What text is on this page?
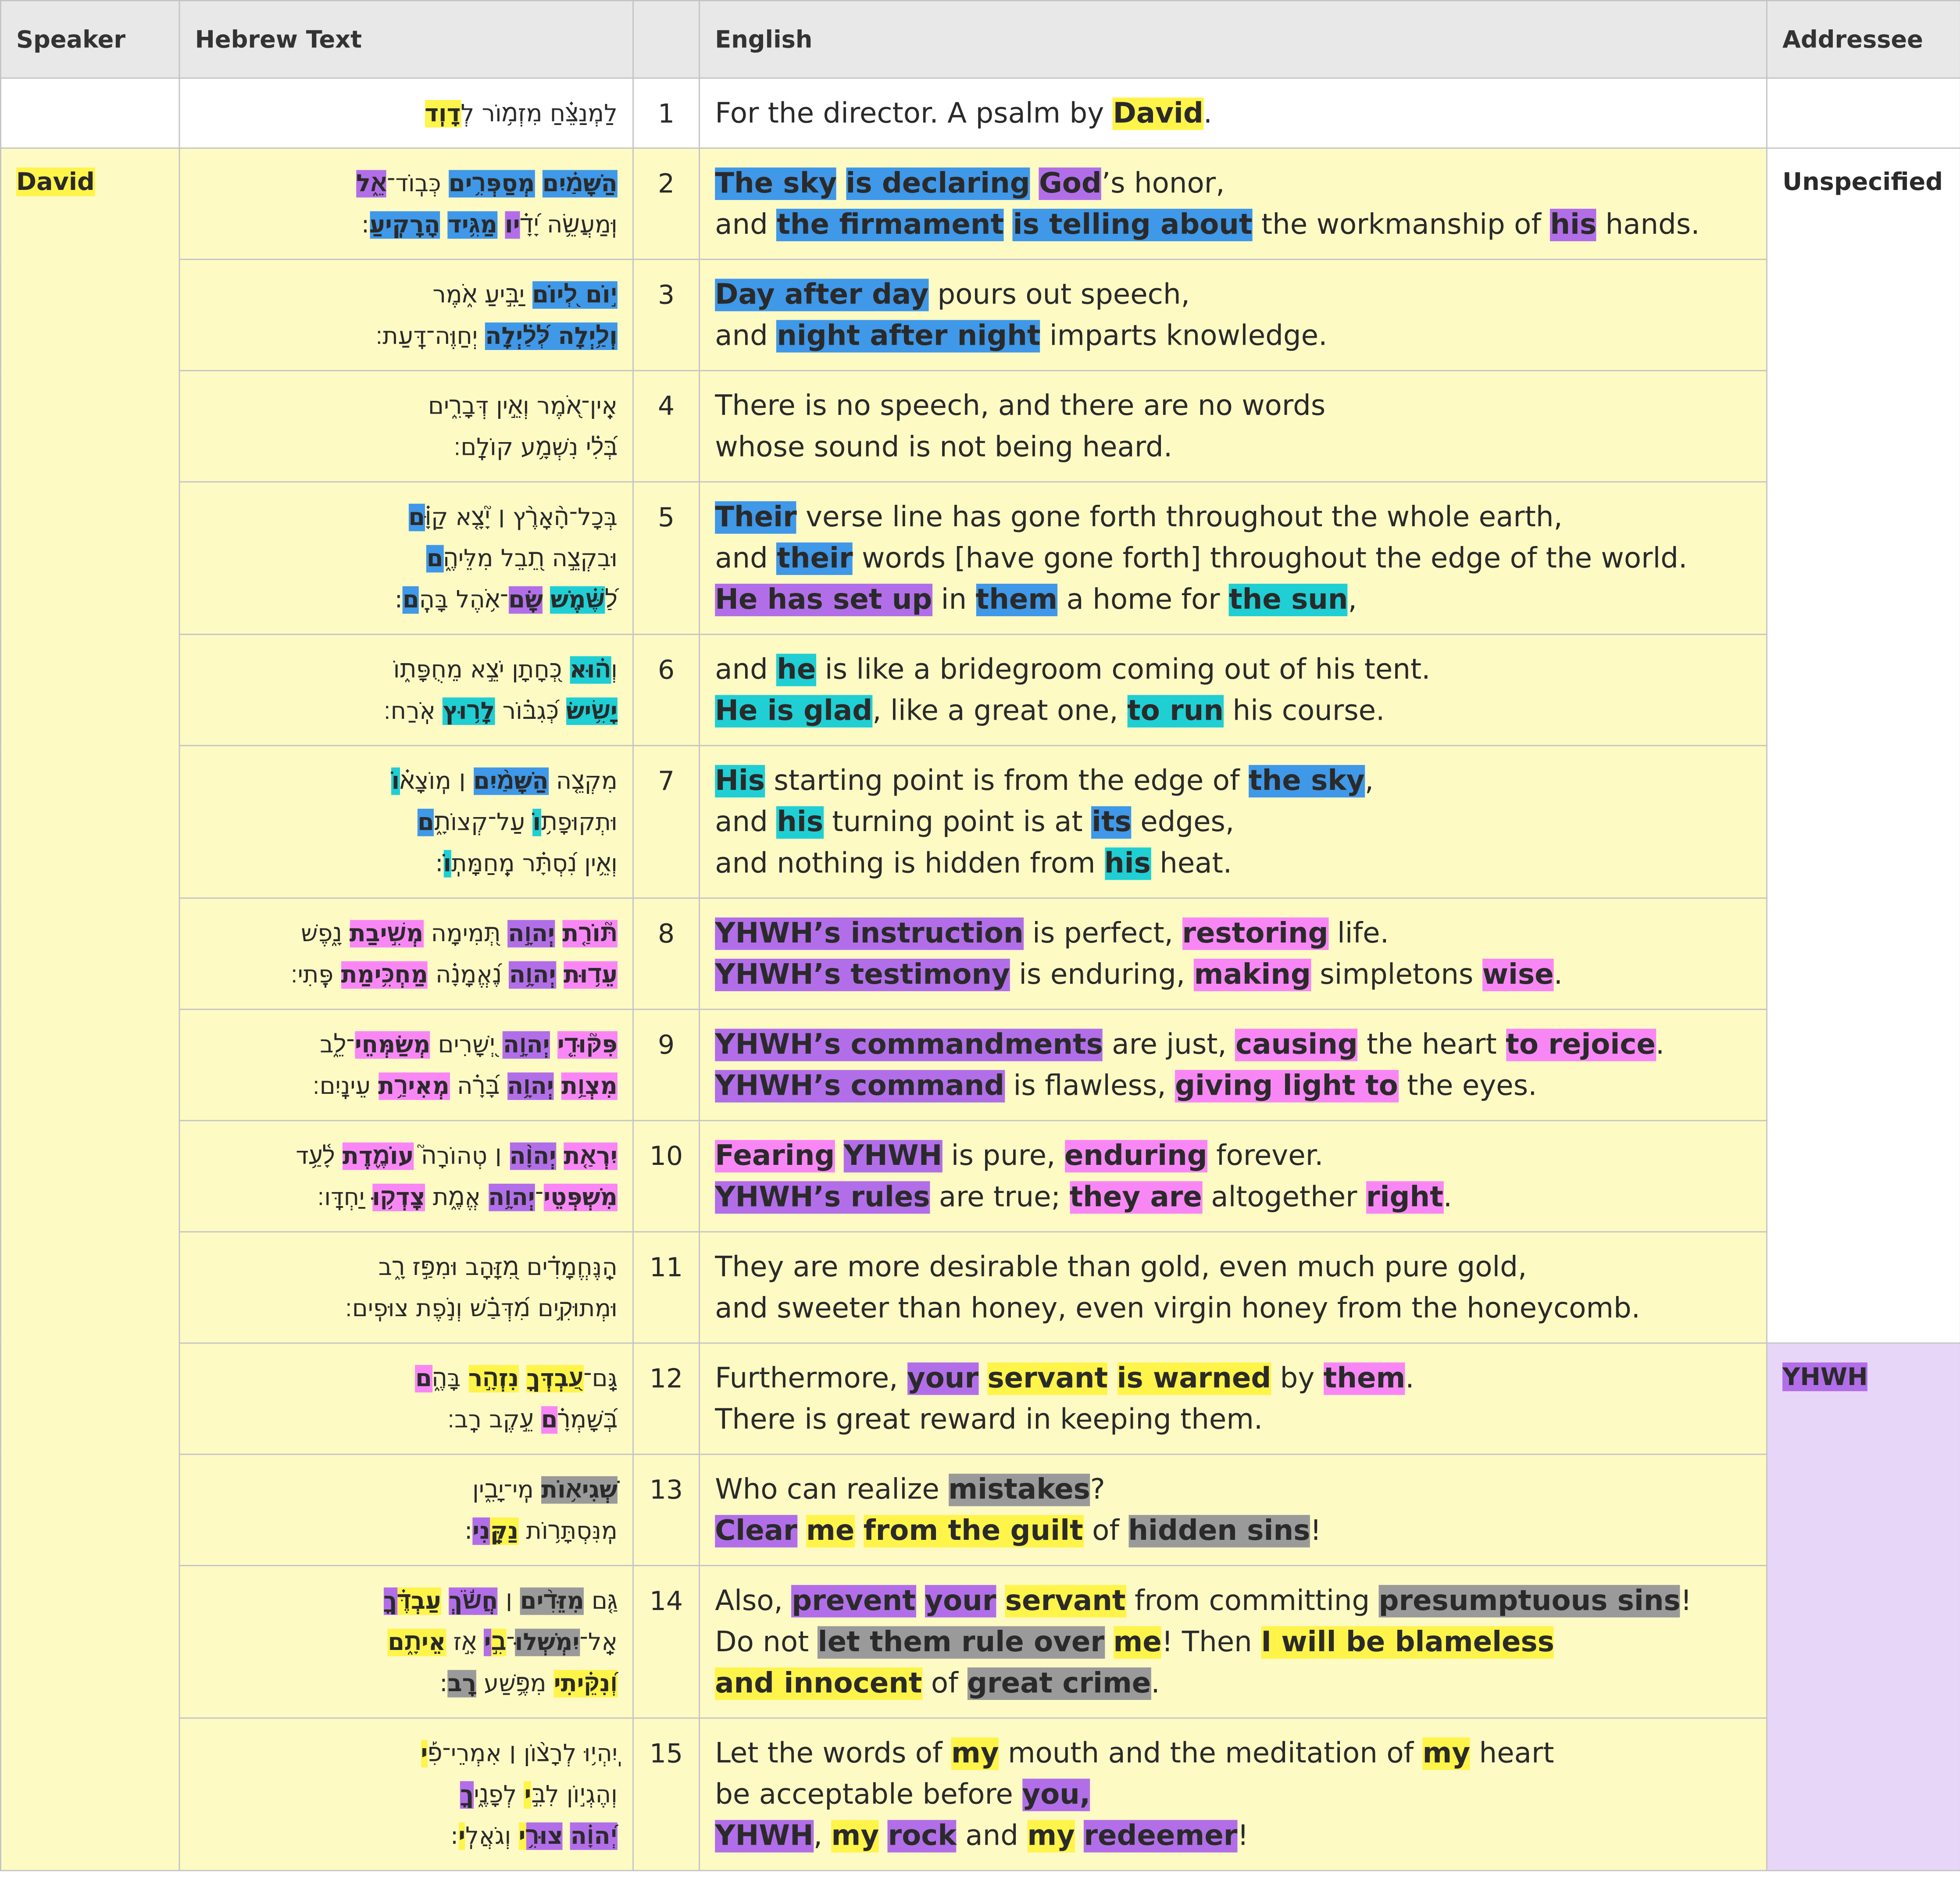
Speaker	Hebrew Text		English	Addressee

	לַמְנַצֵּ֗חַ מִזְמ֥וֹר לְדָוִֽד	1	For the director. A psalm by David.	

David	הַשָּׁמַ֗יִם מְסַפְּרִ֥ים כְּבֽוֹד־אֵ֑ל
וּֽמַעֲשֵׂ֥ה יָ֝דָ֗יו מַגִּ֥יד הָרָקִֽיעַ:	2	The sky is declaring God’s honor,
and the firmament is telling about the workmanship of his hands.	Unspecified

	י֣וֹם לְ֭יוֹם יַבִּ֣יעַ אֹ֑מֶר
וְלַ֥יְלָה לְּ֝לַ֗יְלָה יְחַוֶּה־דָּֽעַת׃	3	Day after day pours out speech,
and night after night imparts knowledge.	

	אֵֽין־אֹ֭מֶר וְאֵ֣ין דְּבָרִ֑ים
בְּ֝לִ֗י נִשְׁמָ֥ע קוֹלָֽם׃	4	There is no speech, and there are no words
whose sound is not being heard.	

	בְּכָל־הָ֨אָרֶ֨ץ ׀ יָ֘צָ֤א קַוָּ֗ם
וּבִקְצֵ֣ה תֵ֭בֵל מִלֵּיהֶ֑ם
לַ֝שֶּׁ֗מֶשׁ שָֽׂם־אֹ֥הֶל בָּהֶֽם:	5	Their verse line has gone forth throughout the whole earth,
and their words [have gone forth] throughout the edge of the world.
He has set up in them a home for the sun,	

	וְה֗וּא כְּ֭חָתָן יֹצֵ֣א מֵחֻפָּת֑וֹ
יָשִׂ֥ישׂ כְּ֝גִבּ֗וֹר לָר֥וּץ אֹֽרַח׃	6	and he is like a bridegroom coming out of his tent.
He is glad, like a great one, to run his course.	

	מִקְצֵ֤ה הַשָּׁמַ֨יִם ׀ מֽוֹצָא֗וֹ
וּתְקוּפָת֥וֹ עַל־קְצוֹתָ֑ם
וְאֵ֥ין נִ֝סְתָּ֗ר מֵֽחַמָּתֽוֹ:	7	His starting point is from the edge of the sky,
and his turning point is at its edges,
and nothing is hidden from his heat.	

	תּ֘וֹרַ֤ת יְהוָ֣ה תְּ֭מִימָה מְשִׁ֣יבַת נָ֑פֶשׁ
עֵד֥וּת יְהוָ֥ה נֶ֝אֱמָנָ֗ה מַחְכִּ֥ימַת פֶּֽתִי׃	8	YHWH’s instruction is perfect, restoring life.
YHWH’s testimony is enduring, making simpletons wise.	

	פִּקּ֘וּדֵ֤י יְהוָ֣ה יְ֭שָׁרִים מְשַׂמְּחֵי־לֵ֑ב
מִצְוַ֥ת יְהוָ֥ה בָּ֝רָ֗ה מְאִירַ֥ת עֵינָֽיִם׃	9	YHWH’s commandments are just, causing the heart to rejoice.
YHWH’s command is flawless, giving light to the eyes.	

	יִרְאַ֤ת יְהוָ֨ה ׀ טְהוֹרָה֮ עוֹמֶ֪דֶת לָ֫עַ֥ד
מִשְׁפְּטֵי־יְהוָ֥ה אֱמֶ֑ת צָֽדְק֥וּ יַחְדָּֽו׃	10	Fearing YHWH is pure, enduring forever.
YHWH’s rules are true; they are altogether right.	

	הַֽנֶּחֱמָדִ֗ים מִ֭זָּהָב וּמִפַּ֣ז רָ֑ב
וּמְתוּקִ֥ים מִ֝דְּבַ֗שׁ וְנֹ֣פֶת צוּפִֽים׃	11	They are more desirable than gold, even much pure gold,
and sweeter than honey, even virgin honey from the honeycomb.	

	גַּֽם־עַ֭בְדְּךָ נִזְהָ֣ר בָּהֶ֑ם
בְּ֝שָׁמְרָ֗ם עֵ֣קֶב רָֽב׃	12	Furthermore, your servant is warned by them.
There is great reward in keeping them.	YHWH

	שְׁגִיא֥וֹת מִֽי־יָבִ֑ין
מִֽנִּסְתָּר֥וֹת נַקֵּֽנִי:	13	Who can realize mistakes?
Clear me from the guilt of hidden sins!	

	גַּ֤ם מִזֵּדִ֨ים ׀ חֲשֹׂ֬ךְ עַבְדֶּ֗ךָ
אַֽל־יִמְשְׁלוּ־בִ֣י אָ֣ז אֵיתָ֑ם
וְ֝נִקֵּ֗יתִי מִפֶּ֥שַׁע רָֽב:	14	Also, prevent your servant from committing presumptuous sins!
Do not let them rule over me! Then I will be blameless
and innocent of great crime.	

	יִֽהְי֥וּ לְרָצ֨וֹן ׀ אִמְרֵי־פִ֡י
וְהֶגְי֣וֹן לִבִּ֣י לְפָנֶ֑יךָ
יְ֝הוָ֗ה צוּרִ֥י וְגֹאֲלִֽי:	15	Let the words of my mouth and the meditation of my heart
be acceptable before you,
YHWH, my rock and my redeemer!	
